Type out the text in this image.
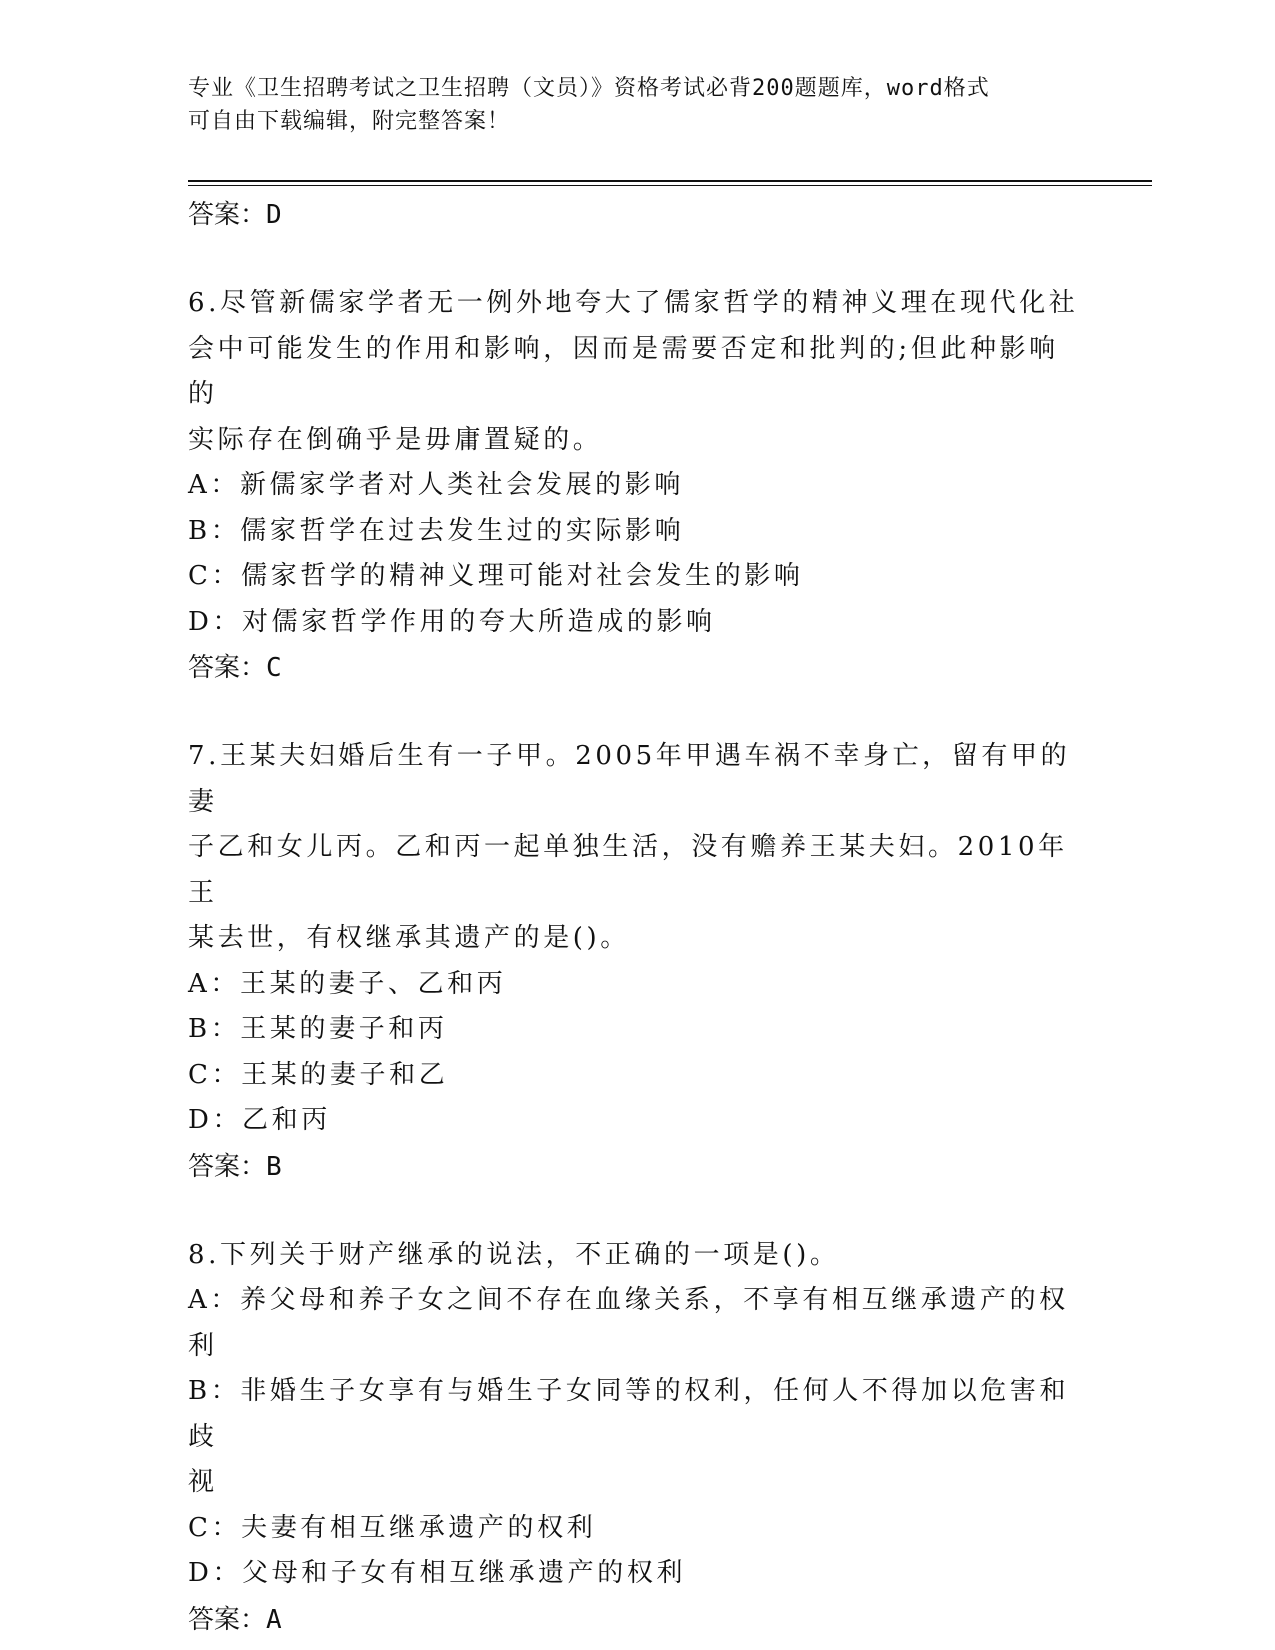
专业《卫生招聘考试之卫生招聘（文员）》资格考试必背200题题库，word格式
可自由下载编辑，附完整答案！
答案：D
6.尽管新儒家学者无一例外地夸大了儒家哲学的精神义理在现代化社
会中可能发生的作用和影响，因而是需要否定和批判的;但此种影响的
实际存在倒确乎是毋庸置疑的。
A：新儒家学者对人类社会发展的影响
B：儒家哲学在过去发生过的实际影响
C：儒家哲学的精神义理可能对社会发生的影响
D：对儒家哲学作用的夸大所造成的影响
答案：C
7.王某夫妇婚后生有一子甲。2005年甲遇车祸不幸身亡，留有甲的妻
子乙和女儿丙。乙和丙一起单独生活，没有赡养王某夫妇。2010年王
某去世，有权继承其遗产的是()。
A：王某的妻子、乙和丙
B：王某的妻子和丙
C：王某的妻子和乙
D：乙和丙
答案：B
8.下列关于财产继承的说法，不正确的一项是()。
A：养父母和养子女之间不存在血缘关系，不享有相互继承遗产的权利
B：非婚生子女享有与婚生子女同等的权利，任何人不得加以危害和歧
视
C：夫妻有相互继承遗产的权利
D：父母和子女有相互继承遗产的权利
答案：A
